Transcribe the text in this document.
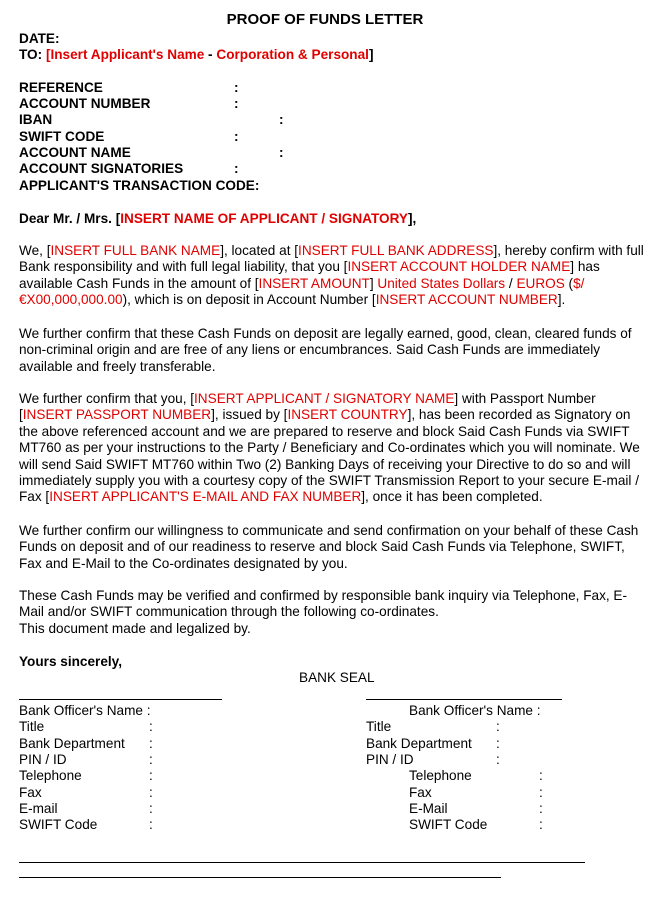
PROOF OF FUNDS LETTER
DATE:
TO: [Insert Applicant's Name - Corporation & Personal]
REFERENCE	:
ACCOUNT NUMBER	:
IBAN	:
SWIFT CODE	:
ACCOUNT NAME	:
ACCOUNT SIGNATORIES	:
APPLICANT'S TRANSACTION CODE:
Dear Mr. / Mrs. [INSERT NAME OF APPLICANT / SIGNATORY],
We, [INSERT FULL BANK NAME], located at [INSERT FULL BANK ADDRESS], hereby confirm with full Bank responsibility and with full legal liability, that you [INSERT ACCOUNT HOLDER NAME] has available Cash Funds in the amount of [INSERT AMOUNT] United States Dollars / EUROS ($/€X00,000,000.00), which is on deposit in Account Number [INSERT ACCOUNT NUMBER].
We further confirm that these Cash Funds on deposit are legally earned, good, clean, cleared funds of non-criminal origin and are free of any liens or encumbrances. Said Cash Funds are immediately available and freely transferable.
We further confirm that you, [INSERT APPLICANT / SIGNATORY NAME] with Passport Number [INSERT PASSPORT NUMBER], issued by [INSERT COUNTRY], has been recorded as Signatory on the above referenced account and we are prepared to reserve and block Said Cash Funds via SWIFT MT760 as per your instructions to the Party / Beneficiary and Co-ordinates which you will nominate. We will send Said SWIFT MT760 within Two (2) Banking Days of receiving your Directive to do so and will immediately supply you with a courtesy copy of the SWIFT Transmission Report to your secure E-mail / Fax [INSERT APPLICANT'S E-MAIL AND FAX NUMBER], once it has been completed.
We further confirm our willingness to communicate and send confirmation on your behalf of these Cash Funds on deposit and of our readiness to reserve and block Said Cash Funds via Telephone, SWIFT, Fax and E-Mail to the Co-ordinates designated by you.
These Cash Funds may be verified and confirmed by responsible bank inquiry via Telephone, Fax, E-Mail and/or SWIFT communication through the following co-ordinates.
This document made and legalized by.
Yours sincerely,
BANK SEAL
Bank Officer's Name :
Title	:
Bank Department :
PIN / ID	:
Telephone	:
Fax	:
E-mail	:
SWIFT Code	:
Bank Officer's Name :
Title	:
Bank Department :
PIN / ID	:
Telephone	:
Fax	:
E-Mail	:
SWIFT Code	:
